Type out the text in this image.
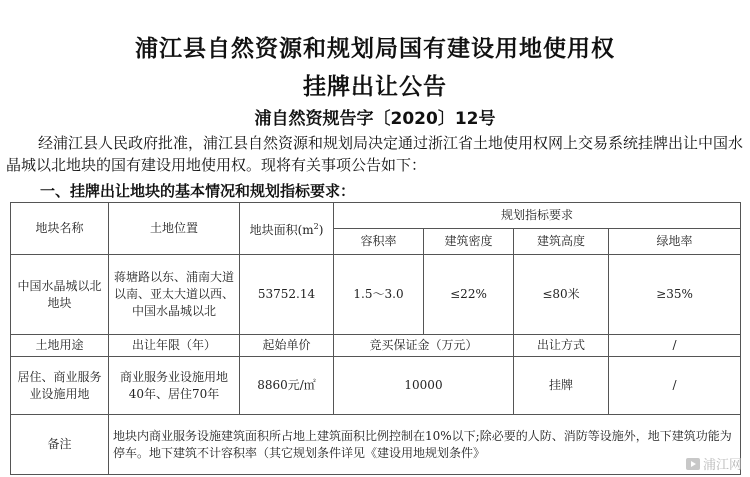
浦江县自然资源和规划局国有建设用地使用权
挂牌出让公告
浦自然资规告字〔2020〕12号
经浦江县人民政府批准，浦江县自然资源和规划局决定通过浙江省土地使用权网上交易系统挂牌出让中国水晶城以北地块的国有建设用地使用权。现将有关事项公告如下：
一、挂牌出让地块的基本情况和规划指标要求：
地块名称	土地位置	地块面积$(m^2)$	规划指标要求			
			容积率	建筑密度	建筑高度	绿地率
中国水晶城以北地块	蒋塘路以东、浦南大道以南、亚太大道以西、中国水晶城以北	53752.14	1.5～3.0	≤22%	≤80米	≥35%
土地用途	出让年限（年）	起始单价	竞买保证金（万元）		出让方式	/
居住、商业服务业设施用地	商业服务业设施用地40年、居住70年	8860元/㎡	10000		挂牌	/
备注	地块内商业服务设施建筑面积所占地上建筑面积比例控制在10%以下;除必要的人防、消防等设施外，地下建筑功能为停车。地下建筑不计容积率（其它规划条件详见《建设用地规划条件》					
浦江网
